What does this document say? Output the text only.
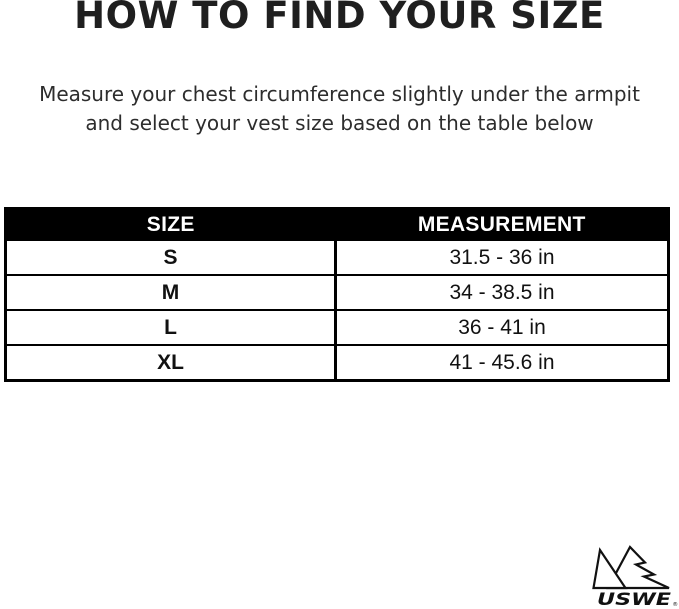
HOW TO FIND YOUR SIZE
Measure your chest circumference slightly under the armpit
and select your vest size based on the table below
SIZE	MEASUREMENT
S	31.5 - 36 in
M	34 - 38.5 in
L	36 - 41 in
XL	41 - 45.6 in
USWE ®
